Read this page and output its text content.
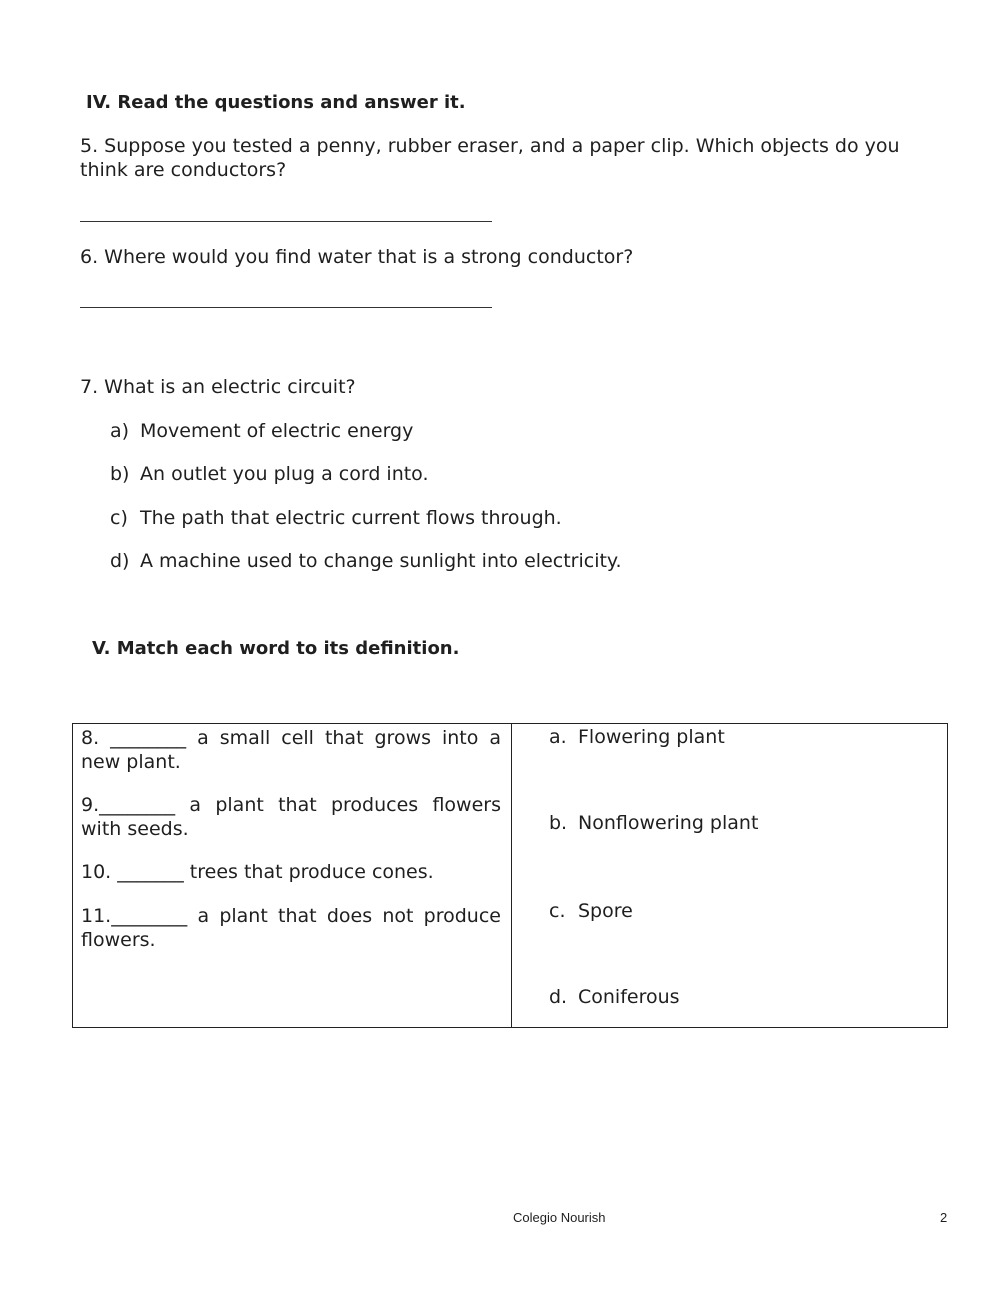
IV. Read the questions and answer it.
5. Suppose you tested a penny, rubber eraser, and a paper clip. Which objects do you think are conductors?
6. Where would you find water that is a strong conductor?
7. What is an electric circuit?
a) Movement of electric energy
b) An outlet you plug a cord into.
c) The path that electric current flows through.
d) A machine used to change sunlight into electricity.
V. Match each word to its definition.
8. ________ a small cell that grows into a new plant.
9.________ a plant that produces flowers with seeds.
10. _______ trees that produce cones.
11.________ a plant that does not produce flowers.
a. Flowering plant
b. Nonflowering plant
c. Spore
d. Coniferous
Colegio Nourish	2
